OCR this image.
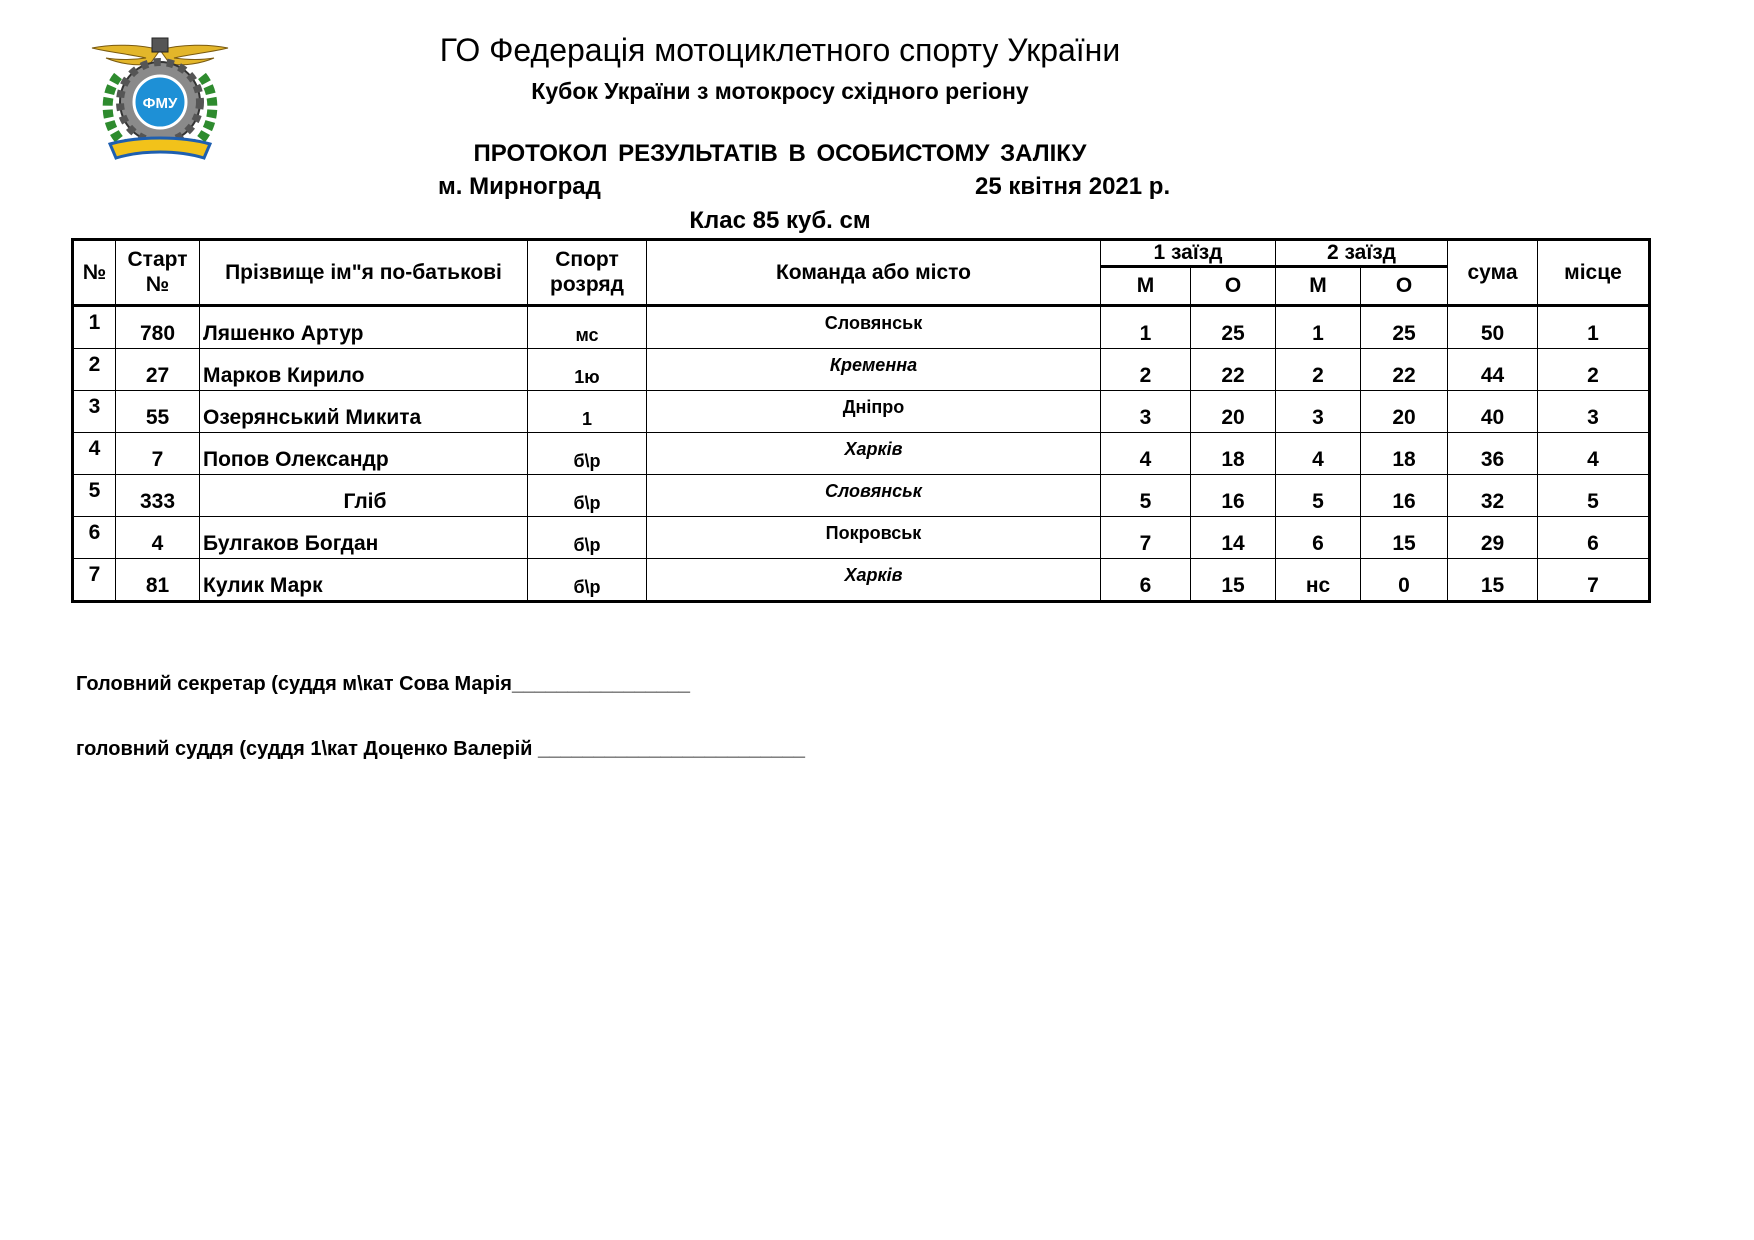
ФМУ
ГО Федерація мотоциклетного спорту України
Кубок України з мотокросу східного регіону
ПРОТОКОЛ РЕЗУЛЬТАТІВ В ОСОБИСТОМУ ЗАЛІКУ
м. Мирноград	25 квітня 2021 р.
Клас 85 куб. см
№	Старт №	Прізвище ім"я по-батькові	Спорт розряд	Команда або місто	1 заїзд		2 заїзд		сума	місце
					М	О	М	О		
1	780	Ляшенко Артур	мс	Словянськ	1	25	1	25	50	1
2	27	Марков Кирило	1ю	Кременна	2	22	2	22	44	2
3	55	Озерянський Микита	1	Дніпро	3	20	3	20	40	3
4	7	Попов Олександр	б\р	Харків	4	18	4	18	36	4
5	333	Гліб	б\р	Словянськ	5	16	5	16	32	5
6	4	Булгаков Богдан	б\р	Покровськ	7	14	6	15	29	6
7	81	Кулик Марк	б\р	Харків	6	15	нс	0	15	7
Головний секретар (суддя м\кат Сова Марія________________
головний суддя (суддя 1\кат Доценко Валерій ________________________
